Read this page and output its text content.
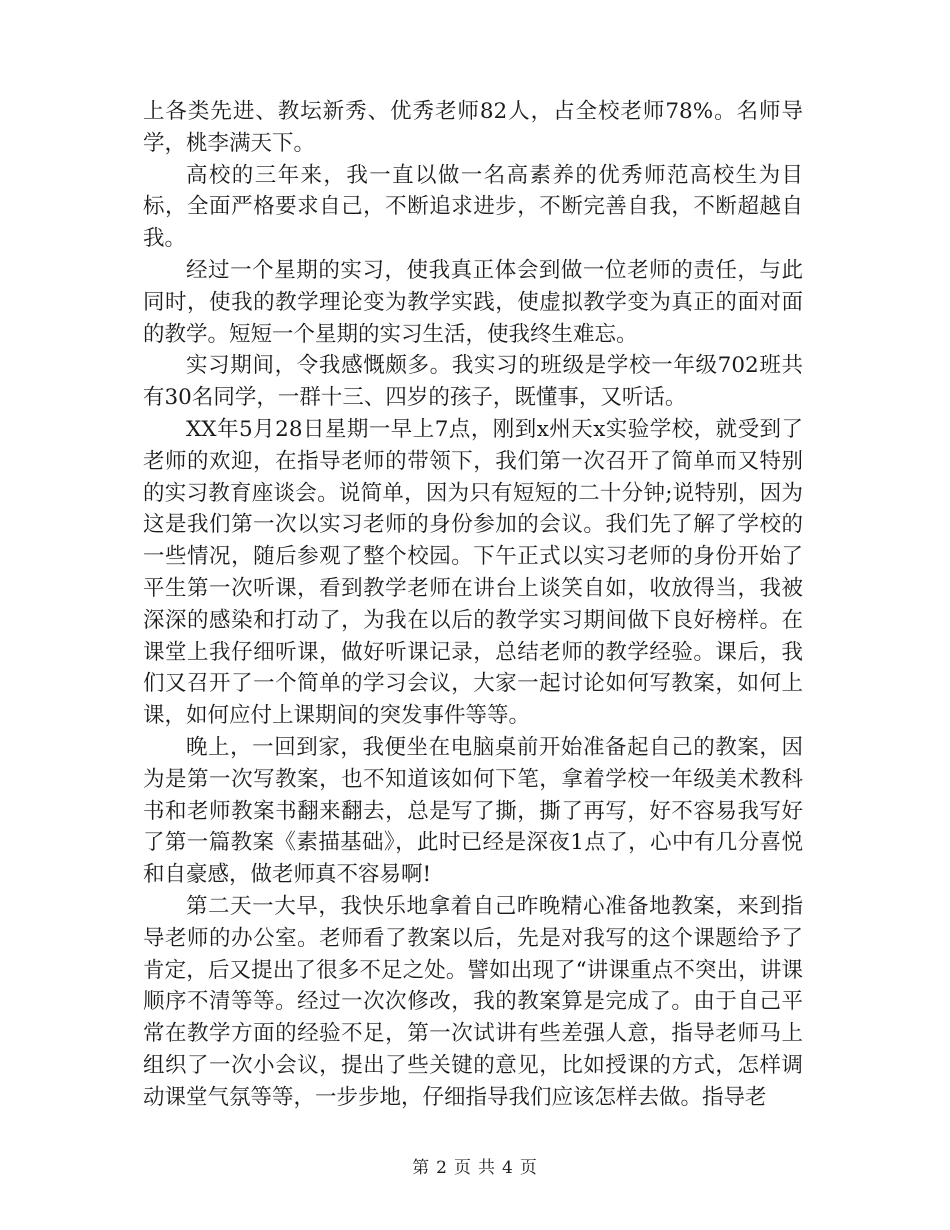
上各类先进、教坛新秀、优秀老师82人，占全校老师78%。名师导学，桃李满天下。

高校的三年来，我一直以做一名高素养的优秀师范高校生为目标，全面严格要求自己，不断追求进步，不断完善自我，不断超越自我。

经过一个星期的实习，使我真正体会到做一位老师的责任，与此同时，使我的教学理论变为教学实践，使虚拟教学变为真正的面对面的教学。短短一个星期的实习生活，使我终生难忘。

实习期间，令我感慨颇多。我实习的班级是学校一年级702班共有30名同学，一群十三、四岁的孩子，既懂事，又听话。

XX年5月28日星期一早上7点，刚到x州天x实验学校，就受到了老师的欢迎，在指导老师的带领下，我们第一次召开了简单而又特别的实习教育座谈会。说简单，因为只有短短的二十分钟;说特别，因为这是我们第一次以实习老师的身份参加的会议。我们先了解了学校的一些情况，随后参观了整个校园。下午正式以实习老师的身份开始了平生第一次听课，看到教学老师在讲台上谈笑自如，收放得当，我被深深的感染和打动了，为我在以后的教学实习期间做下良好榜样。在课堂上我仔细听课，做好听课记录，总结老师的教学经验。课后，我们又召开了一个简单的学习会议，大家一起讨论如何写教案，如何上课，如何应付上课期间的突发事件等等。

晚上，一回到家，我便坐在电脑桌前开始准备起自己的教案，因为是第一次写教案，也不知道该如何下笔，拿着学校一年级美术教科书和老师教案书翻来翻去，总是写了撕，撕了再写，好不容易我写好了第一篇教案《素描基础》，此时已经是深夜1点了，心中有几分喜悦和自豪感，做老师真不容易啊!

第二天一大早，我快乐地拿着自己昨晚精心准备地教案，来到指导老师的办公室。老师看了教案以后，先是对我写的这个课题给予了肯定，后又提出了很多不足之处。譬如出现了“讲课重点不突出，讲课顺序不清等等。经过一次次修改，我的教案算是完成了。由于自己平常在教学方面的经验不足，第一次试讲有些差强人意，指导老师马上组织了一次小会议，提出了些关键的意见，比如授课的方式，怎样调动课堂气氛等等，一步步地，仔细指导我们应该怎样去做。指导老

第 2 页 共 4 页
